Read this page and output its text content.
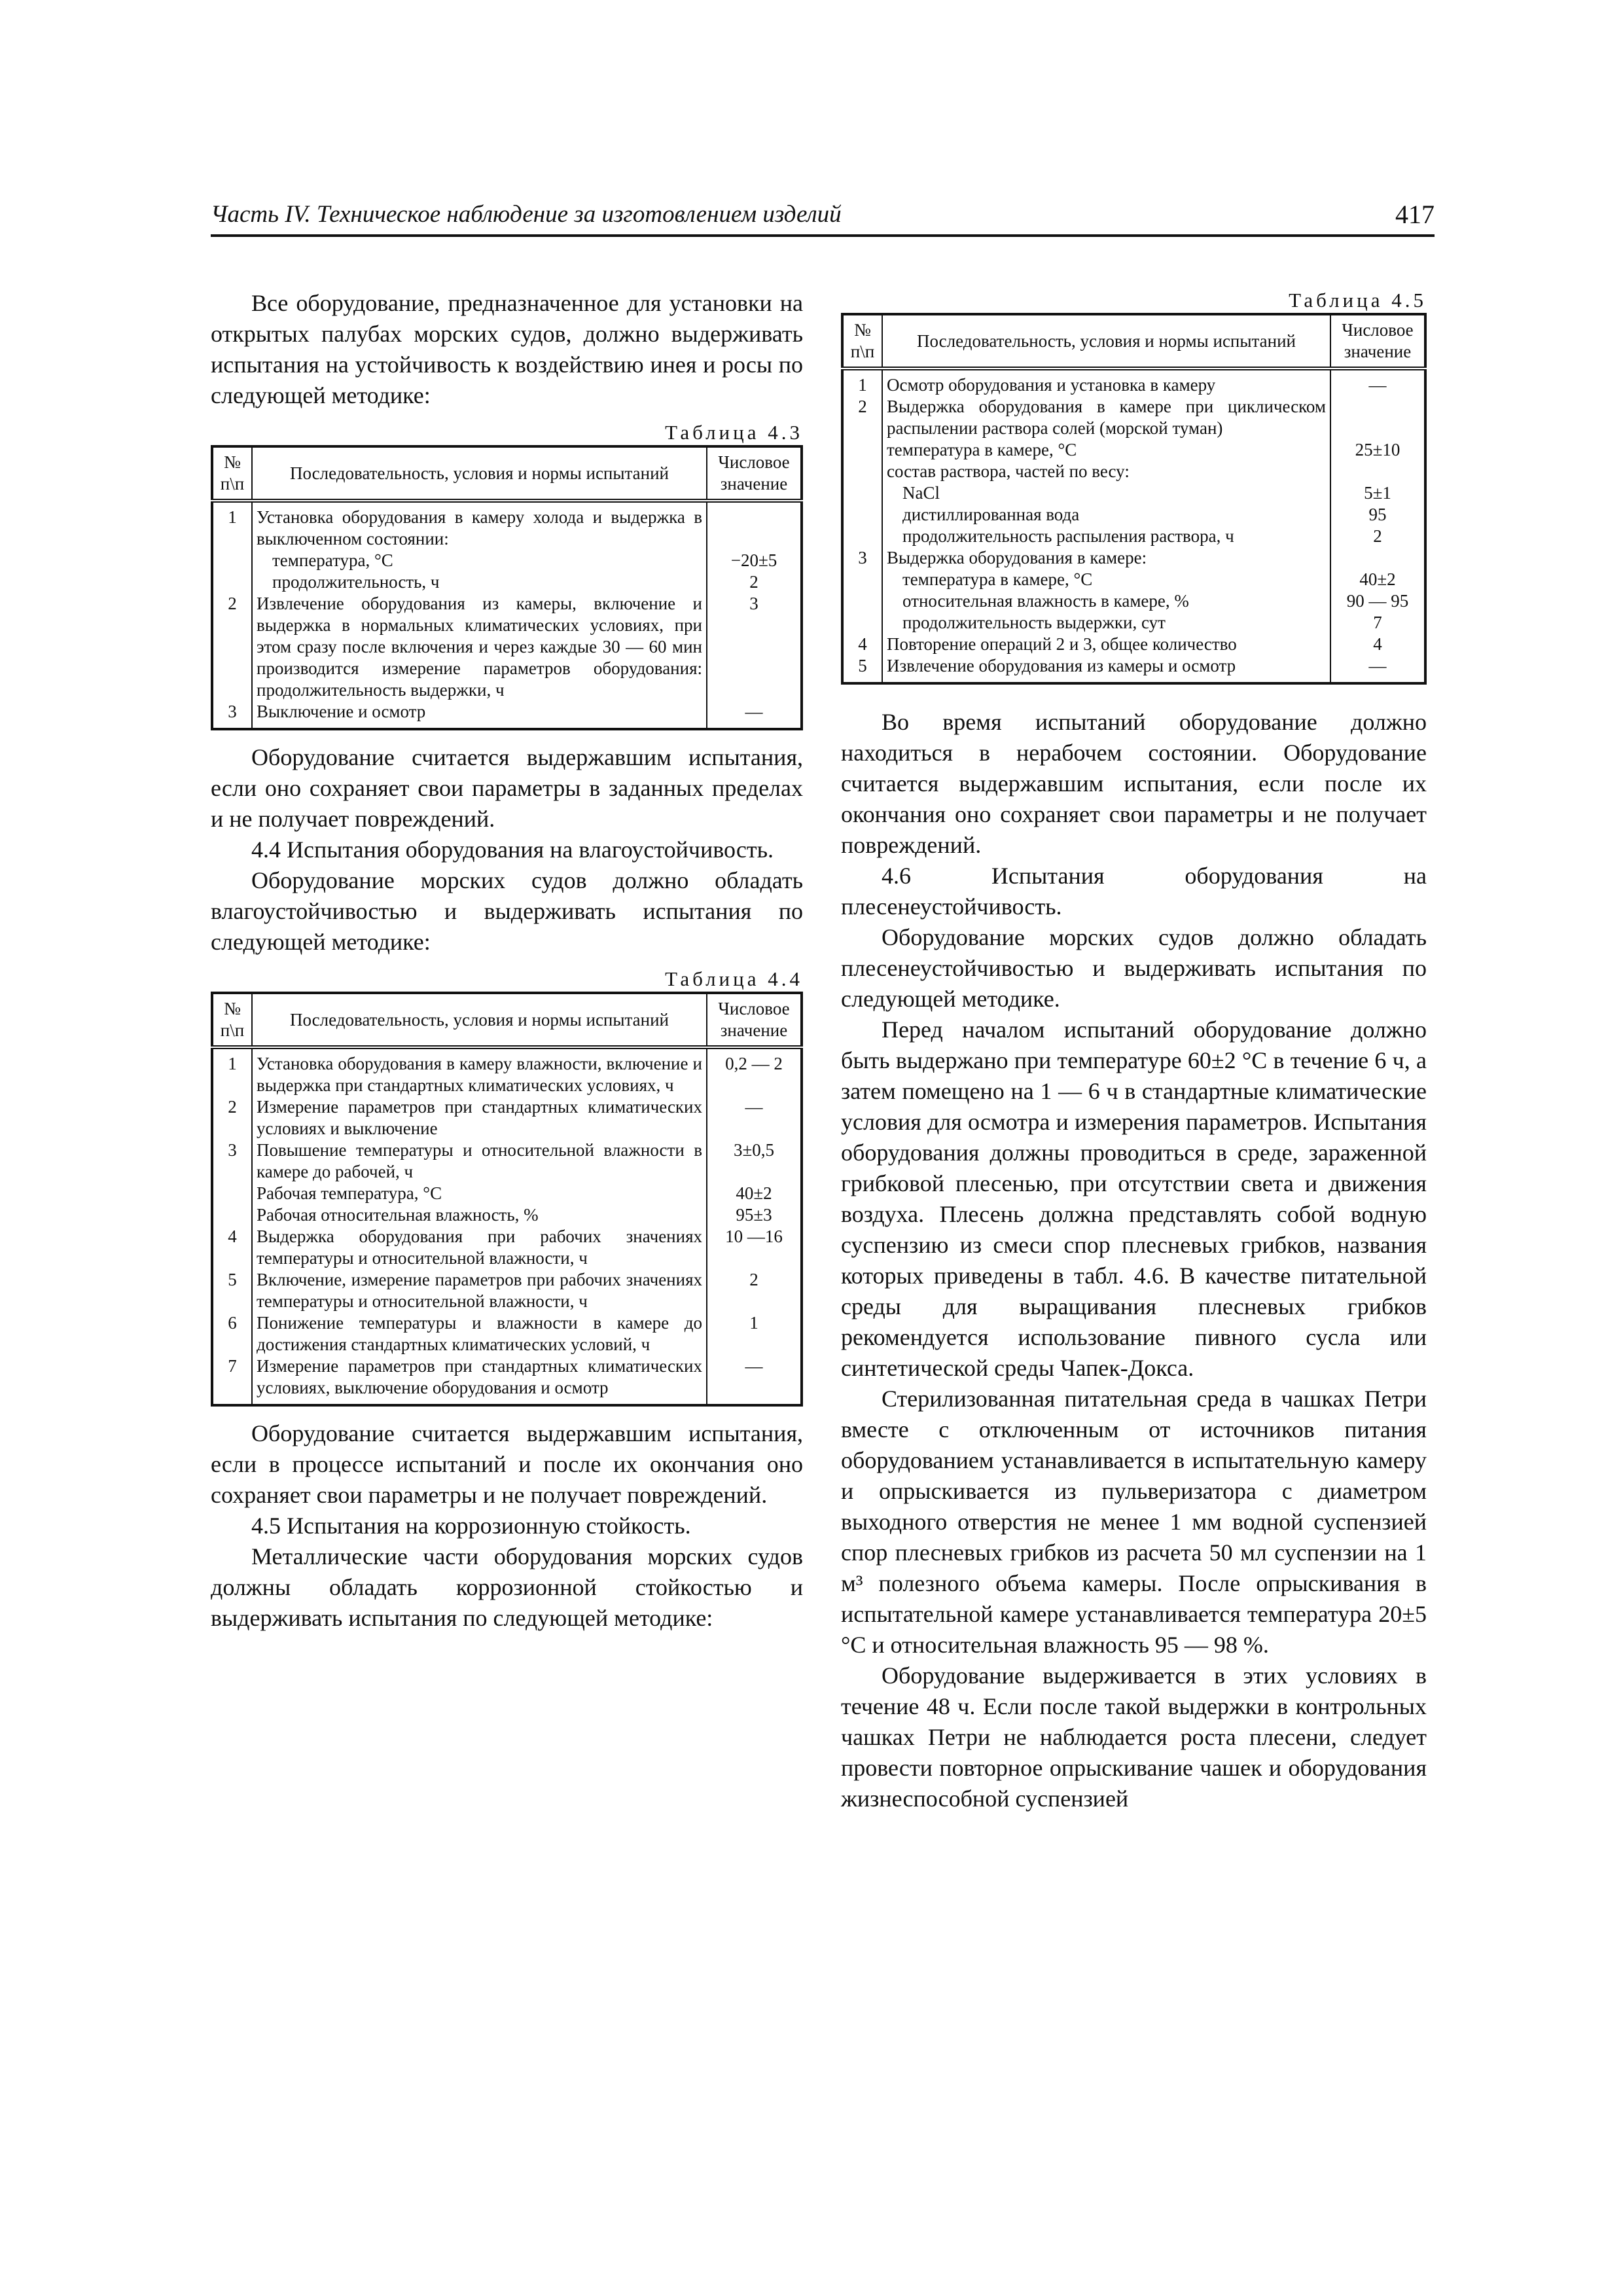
Часть IV. Техническое наблюдение за изготовлением изделий	417

Все оборудование, предназначенное для установки на открытых палубах морских судов, должно выдерживать испытания на устойчивость к воздействию инея и росы по следующей методике:

Таблица 4.3
№ п\п	Последовательность, условия и нормы испытаний	Числовое значение
1	Установка оборудования в камеру холода и выдержка в выключенном состоянии:	
	температура, °С	−20±5
	продолжительность, ч	2
2	Извлечение оборудования из камеры, включение и выдержка в нормальных климатических условиях, при этом сразу после включения и через каждые 30 — 60 мин производится измерение параметров оборудования: продолжительность выдержки, ч	3
3	Выключение и осмотр	—

Оборудование считается выдержавшим испытания, если оно сохраняет свои параметры в заданных пределах и не получает повреждений.

4.4 Испытания оборудования на влагоустойчивость.

Оборудование морских судов должно обладать влагоустойчивостью и выдерживать испытания по следующей методике:

Таблица 4.4
№ п\п	Последовательность, условия и нормы испытаний	Числовое значение
1	Установка оборудования в камеру влажности, включение и выдержка при стандартных климатических условиях, ч	0,2 — 2
2	Измерение параметров при стандартных климатических условиях и выключение	—
3	Повышение температуры и относительной влажности в камере до рабочей, ч	3±0,5
	Рабочая температура, °С	40±2
	Рабочая относительная влажность, %	95±3
4	Выдержка оборудования при рабочих значениях температуры и относительной влажности, ч	10 —16
5	Включение, измерение параметров при рабочих значениях температуры и относительной влажности, ч	2
6	Понижение температуры и влажности в камере до достижения стандартных климатических условий, ч	1
7	Измерение параметров при стандартных климатических условиях, выключение оборудования и осмотр	—

Оборудование считается выдержавшим испытания, если в процессе испытаний и после их окончания оно сохраняет свои параметры и не получает повреждений.

4.5 Испытания на коррозионную стойкость.

Металлические части оборудования морских судов должны обладать коррозионной стойкостью и выдерживать испытания по следующей методике:

Таблица 4.5
№ п\п	Последовательность, условия и нормы испытаний	Числовое значение
1	Осмотр оборудования и установка в камеру	—
2	Выдержка оборудования в камере при циклическом распылении раствора солей (морской туман)	
	температура в камере, °С	25±10
	состав раствора, частей по весу:	
	NaCl	5±1
	дистиллированная вода	95
	продолжительность распыления раствора, ч	2
3	Выдержка оборудования в камере:	
	температура в камере, °С	40±2
	относительная влажность в камере, %	90 — 95
	продолжительность выдержки, сут	7
4	Повторение операций 2 и 3, общее количество	4
5	Извлечение оборудования из камеры и осмотр	—

Во время испытаний оборудование должно находиться в нерабочем состоянии. Оборудование считается выдержавшим испытания, если после их окончания оно сохраняет свои параметры и не получает повреждений.

4.6 Испытания оборудования на плесенеустойчивость.

Оборудование морских судов должно обладать плесенеустойчивостью и выдерживать испытания по следующей методике.

Перед началом испытаний оборудование должно быть выдержано при температуре 60±2 °С в течение 6 ч, а затем помещено на 1 — 6 ч в стандартные климатические условия для осмотра и измерения параметров. Испытания оборудования должны проводиться в среде, зараженной грибковой плесенью, при отсутствии света и движения воздуха. Плесень должна представлять собой водную суспензию из смеси спор плесневых грибков, названия которых приведены в табл. 4.6. В качестве питательной среды для выращивания плесневых грибков рекомендуется использование пивного сусла или синтетической среды Чапек-Докса.

Стерилизованная питательная среда в чашках Петри вместе с отключенным от источников питания оборудованием устанавливается в испытательную камеру и опрыскивается из пульверизатора с диаметром выходного отверстия не менее 1 мм водной суспензией спор плесневых грибков из расчета 50 мл суспензии на 1 м³ полезного объема камеры. После опрыскивания в испытательной камере устанавливается температура 20±5 °С и относительная влажность 95 — 98 %.

Оборудование выдерживается в этих условиях в течение 48 ч. Если после такой выдержки в контрольных чашках Петри не наблюдается роста плесени, следует провести повторное опрыскивание чашек и оборудования жизнеспособной суспензией
